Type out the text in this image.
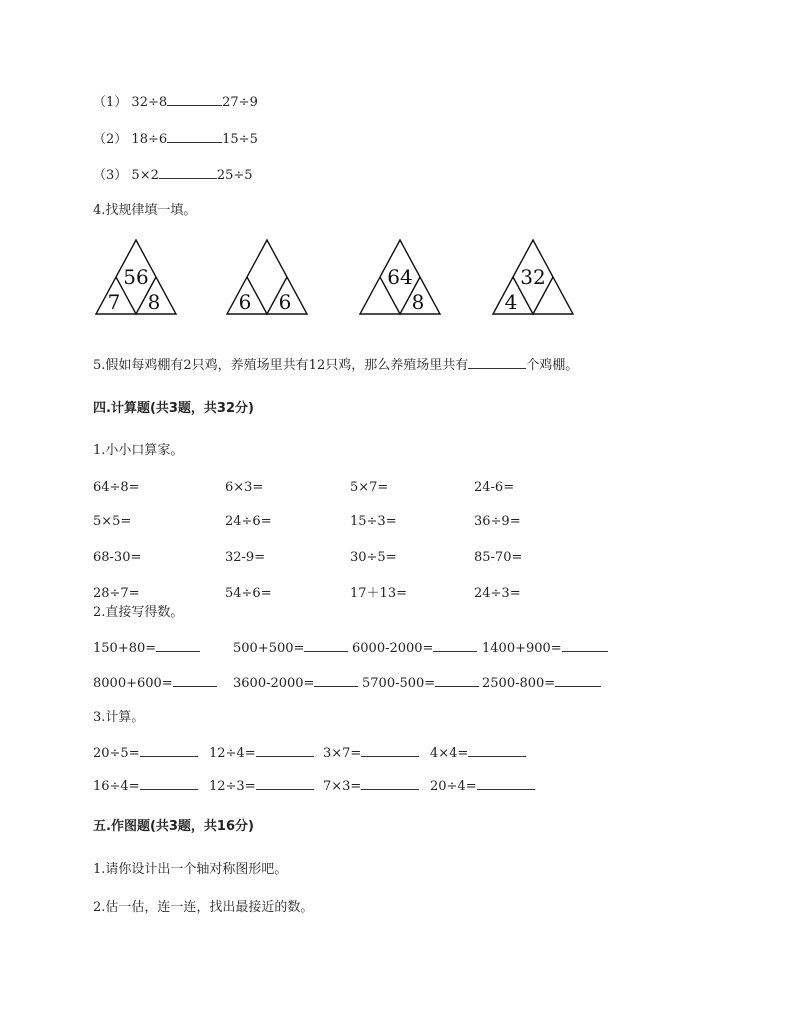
（1） 32÷8	27÷9
（2） 18÷6	15÷5
（3） 5×2	25÷5
4.找规律填一填。
56
7 8	6 6
64
8
32
4
5.假如每鸡棚有2只鸡，养殖场里共有12只鸡，那么养殖场里共有	个鸡棚。
四.计算题(共3题，共32分)
1.小小口算家。
64÷8=	6×3=	5×7=	24-6=
5×5=	24÷6=	15÷3=	36÷9=
68-30=	32-9=	30÷5=	85-70=
28÷7=	54÷6=	17＋13=	24÷3=
2.直接写得数。
150+80=	500+500=	6000-2000=	1400+900=
8000+600=	3600-2000=	5700-500=	2500-800=
3.计算。
20÷5=	12÷4=	3×7=	4×4=
16÷4=	12÷3=	7×3=	20÷4=
五.作图题(共3题，共16分)
1.请你设计出一个轴对称图形吧。
2.估一估，连一连，找出最接近的数。
